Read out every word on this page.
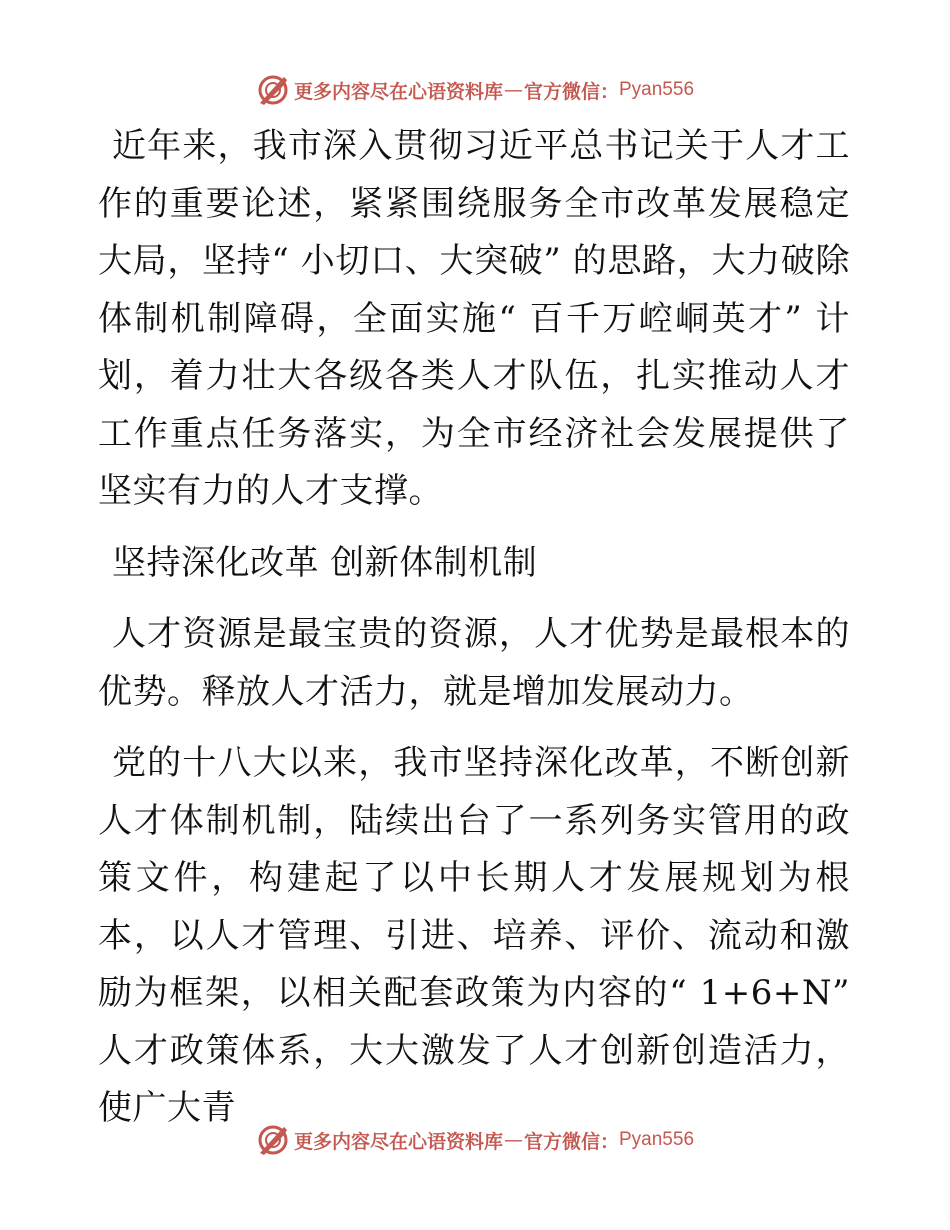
更多内容尽在心语资料库 — 官方微信： Pyan556

近年来，我市深入贯彻习近平总书记关于人才工作的重要论述，紧紧围绕服务全市改革发展稳定大局，坚持“ 小切口、大突破” 的思路，大力破除体制机制障碍，全面实施“ 百千万崆峒英才” 计划，着力壮大各级各类人才队伍，扎实推动人才工作重点任务落实，为全市经济社会发展提供了坚实有力的人才支撑。

坚持深化改革 创新体制机制

人才资源是最宝贵的资源，人才优势是最根本的优势。释放人才活力，就是增加发展动力。

党的十八大以来，我市坚持深化改革，不断创新人才体制机制，陆续出台了一系列务实管用的政策文件，构建起了以中长期人才发展规划为根本，以人才管理、引进、培养、评价、流动和激励为框架，以相关配套政策为内容的“ 1+6+N” 人才政策体系，大大激发了人才创新创造活力，使广大青

更多内容尽在心语资料库 — 官方微信： Pyan556
